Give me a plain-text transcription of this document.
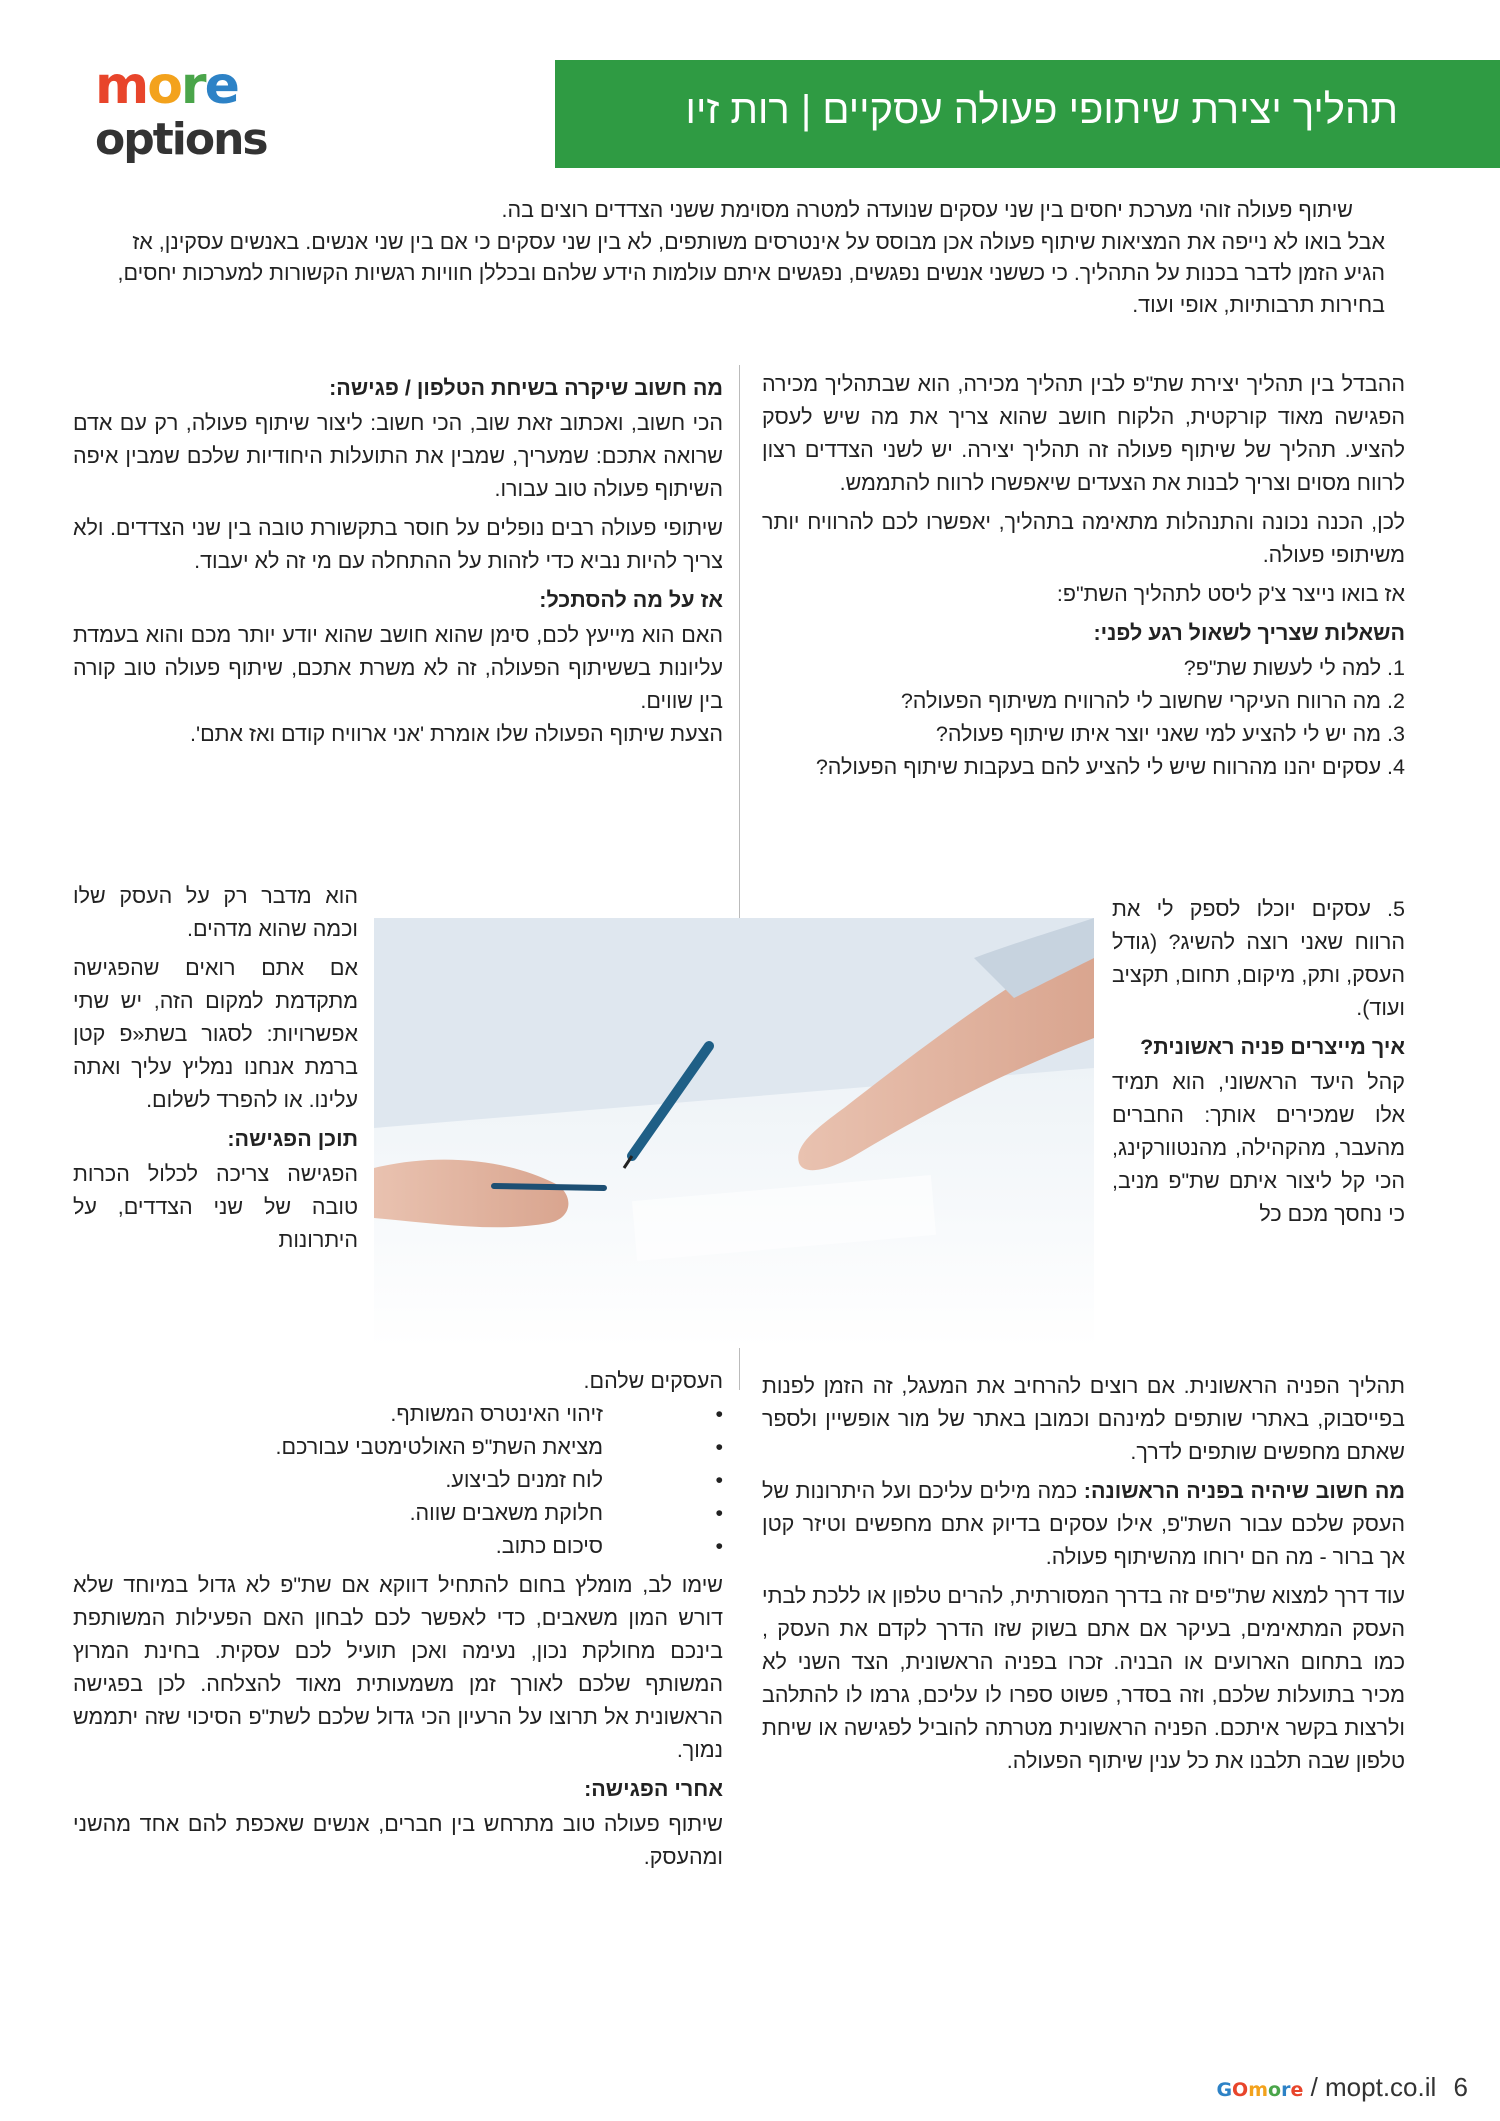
more
options
תהליך יצירת שיתופי פעולה עסקיים | רות זיו

שיתוף פעולה זוהי מערכת יחסים בין שני עסקים שנועדה למטרה מסוימת ששני הצדדים רוצים בה.

אבל בואו לא נייפה את המציאות שיתוף פעולה אכן מבוסס על אינטרסים משותפים, לא בין שני עסקים כי אם בין שני אנשים. באנשים עסקינן, אז הגיע הזמן לדבר בכנות על התהליך. כי כששני אנשים נפגשים, נפגשים איתם עולמות הידע שלהם ובכללן חוויות רגשיות הקשורות למערכות יחסים, בחירות תרבותיות, אופי ועוד.

ההבדל בין תהליך יצירת שת"פ לבין תהליך מכירה, הוא שבתהליך מכירה הפגישה מאוד קורקטית, הלקוח חושב שהוא צריך את מה שיש לעסק להציע. תהליך של שיתוף פעולה זה תהליך יצירה. יש לשני הצדדים רצון לרווח מסוים וצריך לבנות את הצעדים שיאפשרו לרווח להתממש.

לכן, הכנה נכונה והתנהלות מתאימה בתהליך, יאפשרו לכם להרוויח יותר משיתופי פעולה.

אז בואו נייצר צ'ק ליסט לתהליך השת"פ:

השאלות שצריך לשאול רגע לפני:
1. למה לי לעשות שת"פ?
2. מה הרווח העיקרי שחשוב לי להרוויח משיתוף הפעולה?
3. מה יש לי להציע למי שאני יוצר איתו שיתוף פעולה?
4. עסקים יהנו מהרווח שיש לי להציע להם בעקבות שיתוף הפעולה?

5. עסקים יוכלו לספק לי את הרווח שאני רוצה להשיג? (גודל העסק, ותק, מיקום, תחום, תקציב ועוד).

איך מייצרים פניה ראשונית?

קהל היעד הראשוני, הוא תמיד אלו שמכירים אותך: החברים מהעבר, מהקהילה, מהנטוורקינג, הכי קל ליצור איתם שת"פ מניב, כי נחסך מכם כל

תהליך הפניה הראשונית. אם רוצים להרחיב את המעגל, זה הזמן לפנות בפייסבוק, באתרי שותפים למינהם וכמובן באתר של מור אופשיין ולספר שאתם מחפשים שותפים לדרך.

מה חשוב שיהיה בפניה הראשונה: כמה מילים עליכם ועל היתרונות של העסק שלכם עבור השת"פ, אילו עסקים בדיוק אתם מחפשים וטיזר קטן אך ברור - מה הם ירוחו מהשיתוף פעולה.

עוד דרך למצוא שת"פים זה בדרך המסורתית, להרים טלפון או ללכת לבתי העסק המתאימים, בעיקר אם אתם בשוק שזו הדרך לקדם את העסק , כמו בתחום הארועים או הבניה. זכרו בפניה הראשונית, הצד השני לא מכיר בתועלות שלכם, וזה בסדר, פשוט ספרו לו עליכם, גרמו לו להתלהב ולרצות בקשר איתכם. הפניה הראשונית מטרתה להוביל לפגישה או שיחת טלפון שבה תלבנו את כל ענין שיתוף הפעולה.

מה חשוב שיקרה בשיחת הטלפון / פגישה:

הכי חשוב, ואכתוב זאת שוב, הכי חשוב: ליצור שיתוף פעולה, רק עם אדם שרואה אתכם: שמעריך, שמבין את התועלות היחודיות שלכם שמבין איפה השיתוף פעולה טוב עבורו.

שיתופי פעולה רבים נופלים על חוסר בתקשורת טובה בין שני הצדדים. ולא צריך להיות נביא כדי לזהות על ההתחלה עם מי זה לא יעבוד.

אז על מה להסתכל:

האם הוא מייעץ לכם, סימן שהוא חושב שהוא יודע יותר מכם והוא בעמדת עליונות בששיתוף הפעולה, זה לא משרת אתכם, שיתוף פעולה טוב קורה בין שווים.

הצעת שיתוף הפעולה שלו אומרת 'אני ארוויח קודם ואז אתם'.

הוא מדבר רק על העסק שלו וכמה שהוא מדהים.

אם אתם רואים שהפגישה מתקדמת למקום הזה, יש שתי אפשרויות: לסגור בשת«פ קטן ברמת אנחנו נמליץ עליך ואתה עלינו. או להפרד לשלום.

תוכן הפגישה:

הפגישה צריכה לכלול הכרות טובה של שני הצדדים, על היתרונות

העסקים שלהם.

• זיהוי האינטרס המשותף.
• מציאת השת"פ האולטימטבי עבורכם.
• לוח זמנים לביצוע.
• חלוקת משאבים שווה.
• סיכום כתוב.

שימו לב, מומלץ בחום להתחיל דווקא אם שת"פ לא גדול במיוחד שלא דורש המון משאבים, כדי לאפשר לכם לבחון האם הפעילות המשותפת בינכם מחולקת נכון, נעימה ואכן תועיל לכם עסקית. בחינת המרוץ המשותף שלכם לאורך זמן משמעותית מאוד להצלחה. לכן בפגישה הראשונית אל תרוצו על הרעיון הכי גדול שלכם לשת"פ הסיכוי שזה יתממש נמוך.

אחרי הפגישה:

שיתוף פעולה טוב מתרחש בין חברים, אנשים שאכפת להם אחד מהשני ומהעסק.

GOmore / mopt.co.il 6
